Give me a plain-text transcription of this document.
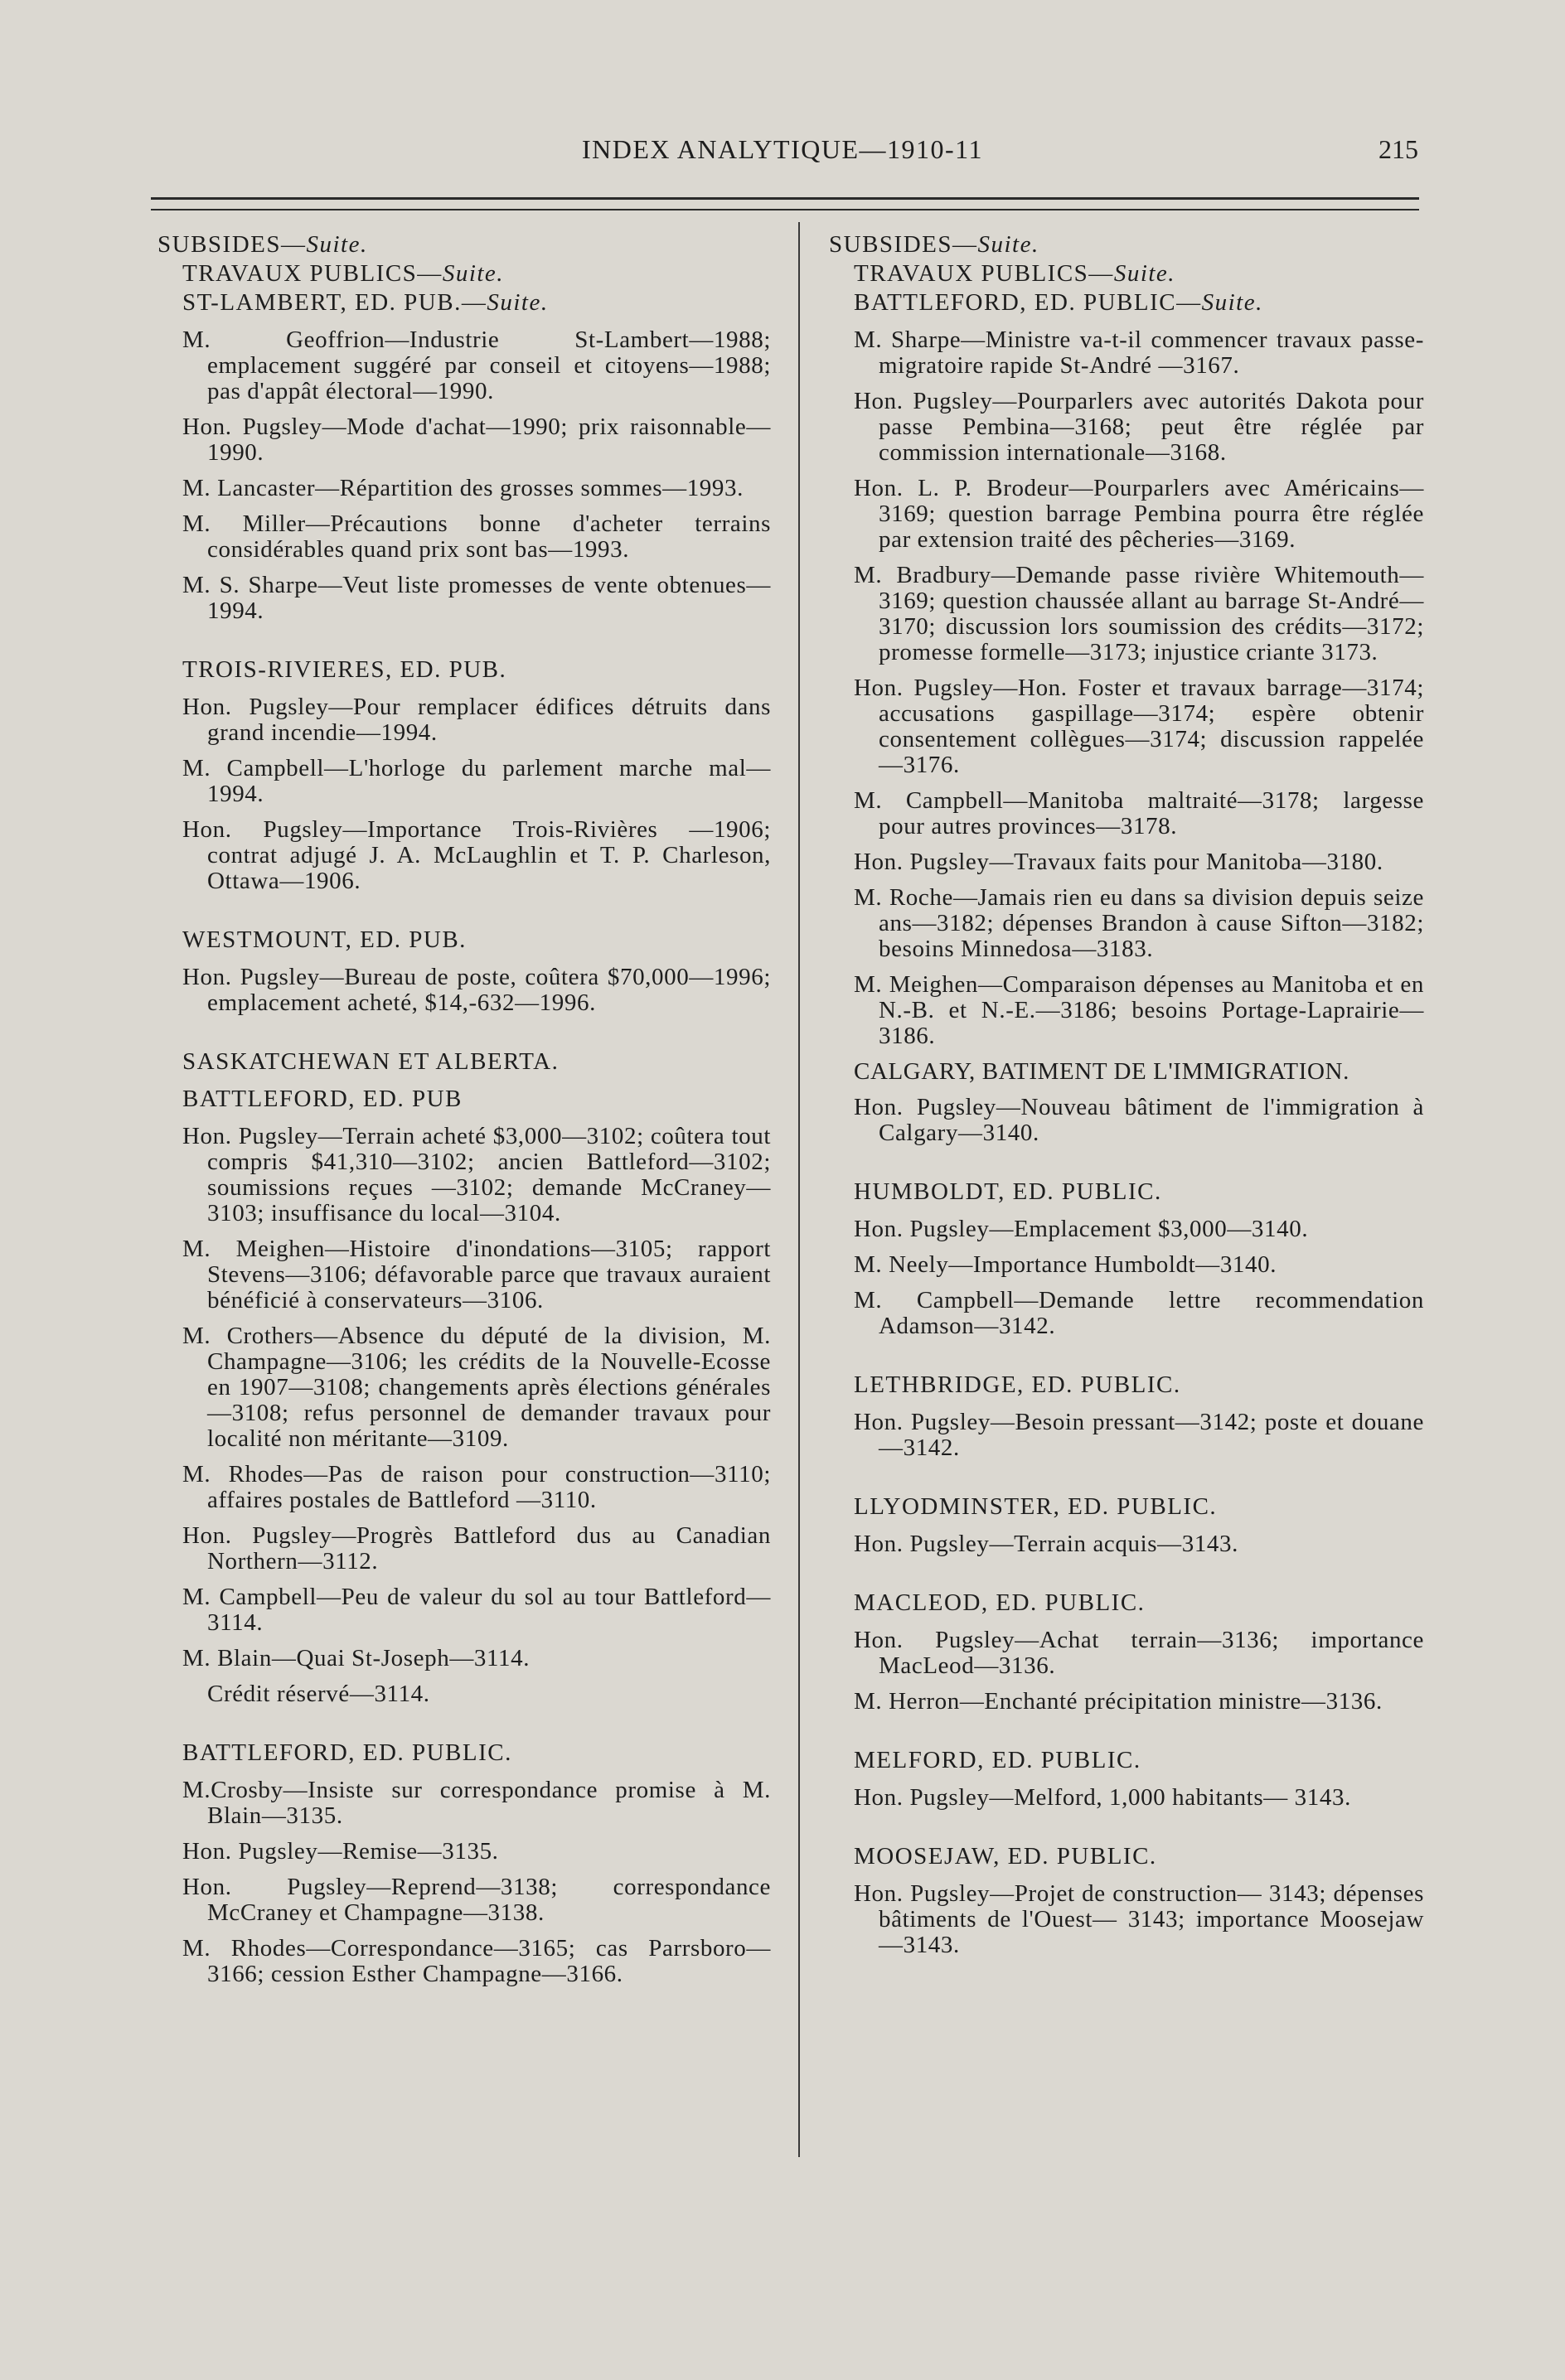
INDEX ANALYTIQUE—1910-11	215
SUBSIDES—Suite.
TRAVAUX PUBLICS—Suite.
ST-LAMBERT, ED. PUB.—Suite.
M. Geoffrion—Industrie St-Lambert—1988; emplacement suggéré par conseil et citoyens—1988; pas d'appât électoral—1990.
Hon. Pugsley—Mode d'achat—1990; prix raisonnable—1990.
M. Lancaster—Répartition des grosses sommes—1993.
M. Miller—Précautions bonne d'acheter terrains considérables quand prix sont bas—1993.
M. S. Sharpe—Veut liste promesses de vente obtenues—1994.
TROIS-RIVIERES, ED. PUB.
Hon. Pugsley—Pour remplacer édifices détruits dans grand incendie—1994.
M. Campbell—L'horloge du parlement marche mal—1994.
Hon. Pugsley—Importance Trois-Rivières —1906; contrat adjugé J. A. McLaughlin et T. P. Charleson, Ottawa—1906.
WESTMOUNT, ED. PUB.
Hon. Pugsley—Bureau de poste, coûtera $70,000—1996; emplacement acheté, $14,-632—1996.
SASKATCHEWAN ET ALBERTA.
BATTLEFORD, ED. PUB
Hon. Pugsley—Terrain acheté $3,000—3102; coûtera tout compris $41,310—3102; ancien Battleford—3102; soumissions reçues —3102; demande McCraney—3103; insuffisance du local—3104.
M. Meighen—Histoire d'inondations—3105; rapport Stevens—3106; défavorable parce que travaux auraient bénéficié à conservateurs—3106.
M. Crothers—Absence du député de la division, M. Champagne—3106; les crédits de la Nouvelle-Ecosse en 1907—3108; changements après élections générales—3108; refus personnel de demander travaux pour localité non méritante—3109.
M. Rhodes—Pas de raison pour construction—3110; affaires postales de Battleford —3110.
Hon. Pugsley—Progrès Battleford dus au Canadian Northern—3112.
M. Campbell—Peu de valeur du sol au tour Battleford—3114.
M. Blain—Quai St-Joseph—3114.
Crédit réservé—3114.
BATTLEFORD, ED. PUBLIC.
M.Crosby—Insiste sur correspondance promise à M. Blain—3135.
Hon. Pugsley—Remise—3135.
Hon. Pugsley—Reprend—3138; correspondance McCraney et Champagne—3138.
M. Rhodes—Correspondance—3165; cas Parrsboro—3166; cession Esther Champagne—3166.
SUBSIDES—Suite.
TRAVAUX PUBLICS—Suite.
BATTLEFORD, ED. PUBLIC—Suite.
M. Sharpe—Ministre va-t-il commencer travaux passe-migratoire rapide St-André —3167.
Hon. Pugsley—Pourparlers avec autorités Dakota pour passe Pembina—3168; peut être réglée par commission internationale—3168.
Hon. L. P. Brodeur—Pourparlers avec Américains—3169; question barrage Pembina pourra être réglée par extension traité des pêcheries—3169.
M. Bradbury—Demande passe rivière Whitemouth—3169; question chaussée allant au barrage St-André—3170; discussion lors soumission des crédits—3172; promesse formelle—3173; injustice criante 3173.
Hon. Pugsley—Hon. Foster et travaux barrage—3174; accusations gaspillage—3174; espère obtenir consentement collègues—3174; discussion rappelée—3176.
M. Campbell—Manitoba maltraité—3178; largesse pour autres provinces—3178.
Hon. Pugsley—Travaux faits pour Manitoba—3180.
M. Roche—Jamais rien eu dans sa division depuis seize ans—3182; dépenses Brandon à cause Sifton—3182; besoins Minnedosa—3183.
M. Meighen—Comparaison dépenses au Manitoba et en N.-B. et N.-E.—3186; besoins Portage-Laprairie—3186.
CALGARY, BATIMENT DE L'IMMIGRATION.
Hon. Pugsley—Nouveau bâtiment de l'immigration à Calgary—3140.
HUMBOLDT, ED. PUBLIC.
Hon. Pugsley—Emplacement $3,000—3140.
M. Neely—Importance Humboldt—3140.
M. Campbell—Demande lettre recommendation Adamson—3142.
LETHBRIDGE, ED. PUBLIC.
Hon. Pugsley—Besoin pressant—3142; poste et douane—3142.
LLYODMINSTER, ED. PUBLIC.
Hon. Pugsley—Terrain acquis—3143.
MACLEOD, ED. PUBLIC.
Hon. Pugsley—Achat terrain—3136; importance MacLeod—3136.
M. Herron—Enchanté précipitation ministre—3136.
MELFORD, ED. PUBLIC.
Hon. Pugsley—Melford, 1,000 habitants— 3143.
MOOSEJAW, ED. PUBLIC.
Hon. Pugsley—Projet de construction— 3143; dépenses bâtiments de l'Ouest— 3143; importance Moosejaw—3143.
